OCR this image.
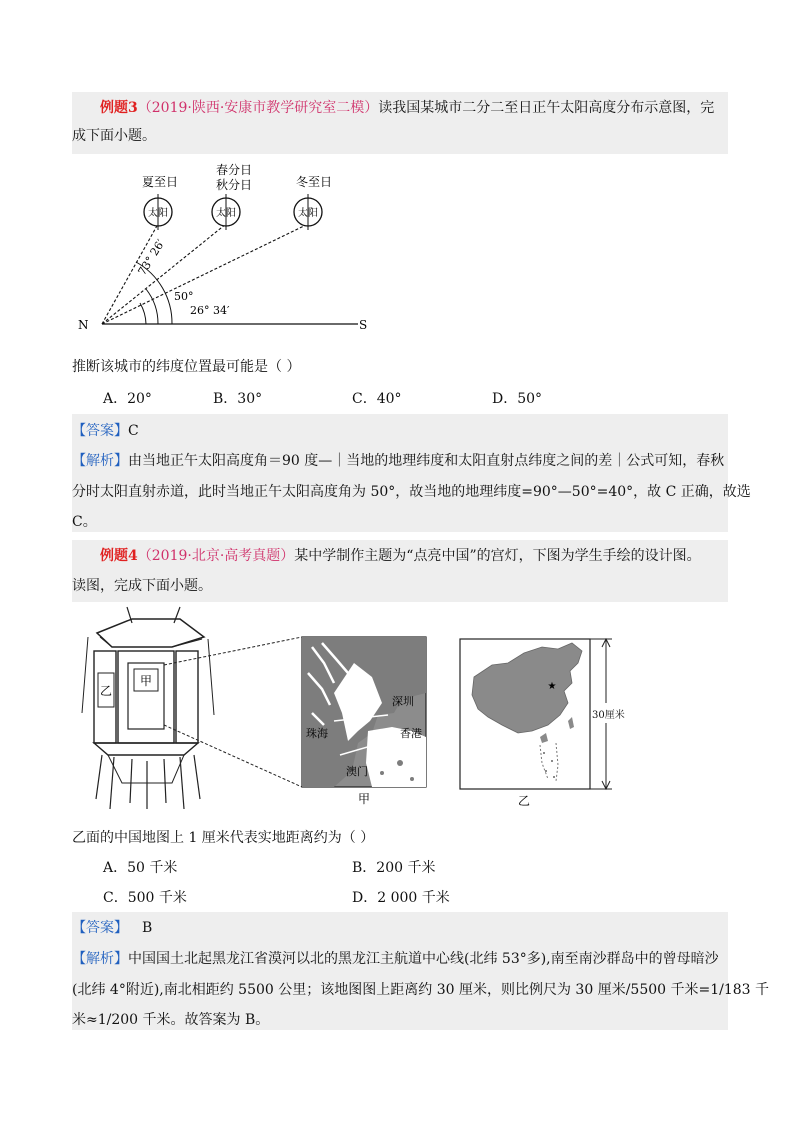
例题3（2019·陕西·安康市教学研究室二模）读我国某城市二分二至日正午太阳高度分布示意图，完
成下面小题。
N	S
73° 26′
50°
26° 34′
夏至日
春分日
秋分日	冬至日
太阳	太阳	太阳
推断该城市的纬度位置最可能是（ ）
A．20°	B．30°	C．40°	D．50°
【答案】C
【解析】由当地正午太阳高度角＝90 度—｜当地的地理纬度和太阳直射点纬度之间的差｜公式可知，春秋
分时太阳直射赤道，此时当地正午太阳高度角为 50°，故当地的地理纬度=90°—50°=40°，故 C 正确，故选
C。
例题4（2019·北京·高考真题）某中学制作主题为“点亮中国”的宫灯，下图为学生手绘的设计图。
读图，完成下面小题。
乙
甲
深圳
珠海	香港
澳门
甲
★
乙
30厘米
乙面的中国地图上 1 厘米代表实地距离约为（ ）
A．50 千米	B．200 千米
C．500 千米	D．2 000 千米
【答案】 B
【解析】中国国土北起黑龙江省漠河以北的黑龙江主航道中心线(北纬 53°多),南至南沙群岛中的曾母暗沙
(北纬 4°附近),南北相距约 5500 公里；该地图图上距离约 30 厘米，则比例尺为 30 厘米/5500 千米=1/183 千
米≈1/200 千米。故答案为 B。
